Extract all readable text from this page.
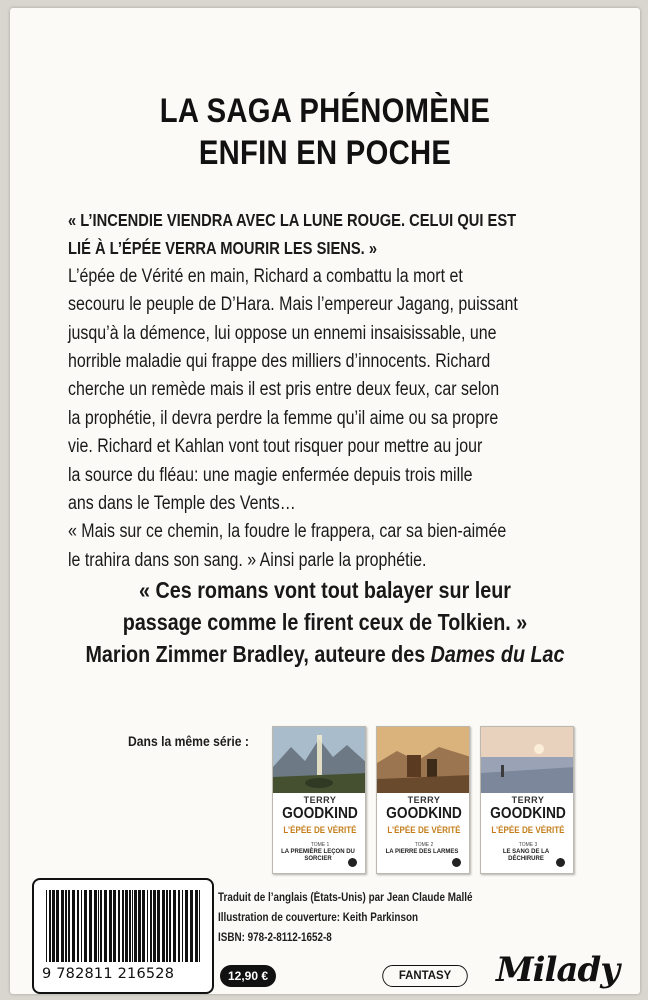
LA SAGA PHÉNOMÈNE
ENFIN EN POCHE

« L’INCENDIE VIENDRA AVEC LA LUNE ROUGE. CELUI QUI EST

LIÉ À L’ÉPÉE VERRA MOURIR LES SIENS. »

L’épée de Vérité en main, Richard a combattu la mort et

secouru le peuple de D’Hara. Mais l’empereur Jagang, puissant

jusqu’à la démence, lui oppose un ennemi insaisissable, une

horrible maladie qui frappe des milliers d’innocents. Richard

cherche un remède mais il est pris entre deux feux, car selon

la prophétie, il devra perdre la femme qu’il aime ou sa propre

vie. Richard et Kahlan vont tout risquer pour mettre au jour

la source du fléau: une magie enfermée depuis trois mille

ans dans le Temple des Vents…

« Mais sur ce chemin, la foudre le frappera, car sa bien-aimée

le trahira dans son sang. » Ainsi parle la prophétie.

« Ces romans vont tout balayer sur leur

passage comme le firent ceux de Tolkien. »

Marion Zimmer Bradley, auteure des Dames du Lac

Dans la même série :
TERRY
GOODKIND
L’ÉPÉE DE VÉRITÉ
TOME 1
LA PREMIÈRE LEÇON DU SORCIER
TERRY
GOODKIND
L’ÉPÉE DE VÉRITÉ
TOME 2
LA PIERRE DES LARMES
TERRY
GOODKIND
L’ÉPÉE DE VÉRITÉ
TOME 3
LE SANG DE LA DÉCHIRURE
9 782811 216528

Traduit de l’anglais (États-Unis) par Jean Claude Mallé

Illustration de couverture: Keith Parkinson

ISBN: 978-2-8112-1652-8

12,90 €	FANTASY	Milady
